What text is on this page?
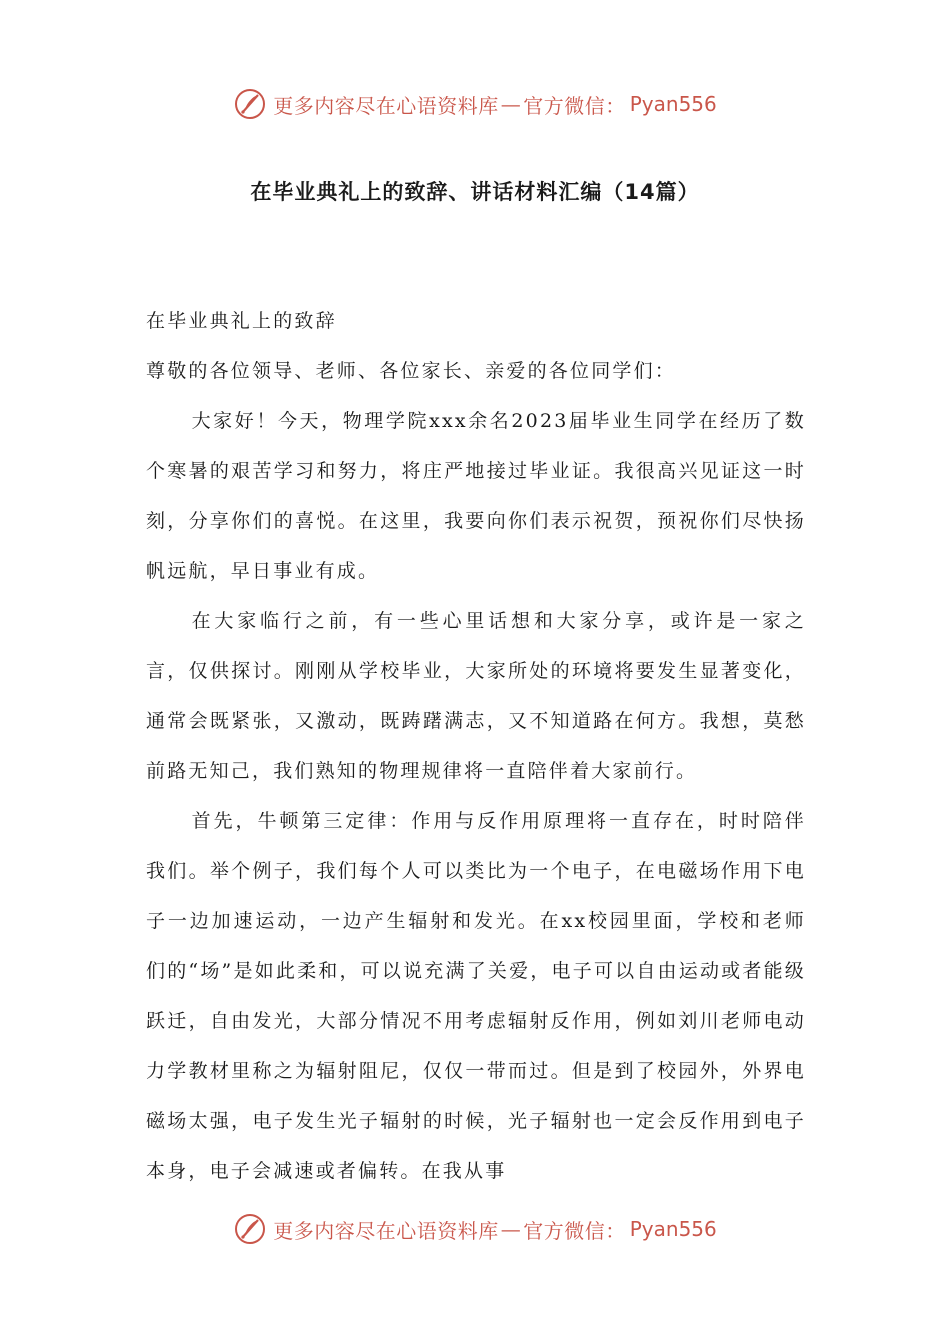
更多内容尽在心语资料库 — 官方微信： Pyan556
在毕业典礼上的致辞、讲话材料汇编（14篇）

在毕业典礼上的致辞

尊敬的各位领导、老师、各位家长、亲爱的各位同学们：

大家好！今天，物理学院xxx余名2023届毕业生同学在经历了数个寒暑的艰苦学习和努力，将庄严地接过毕业证。我很高兴见证这一时刻，分享你们的喜悦。在这里，我要向你们表示祝贺，预祝你们尽快扬帆远航，早日事业有成。

在大家临行之前，有一些心里话想和大家分享，或许是一家之言，仅供探讨。刚刚从学校毕业，大家所处的环境将要发生显著变化，通常会既紧张，又激动，既踌躇满志，又不知道路在何方。我想，莫愁前路无知己，我们熟知的物理规律将一直陪伴着大家前行。

首先，牛顿第三定律：作用与反作用原理将一直存在，时时陪伴我们。举个例子，我们每个人可以类比为一个电子，在电磁场作用下电子一边加速运动，一边产生辐射和发光。在xx校园里面，学校和老师们的“场”是如此柔和，可以说充满了关爱，电子可以自由运动或者能级跃迁，自由发光，大部分情况不用考虑辐射反作用，例如刘川老师电动力学教材里称之为辐射阻尼，仅仅一带而过。但是到了校园外，外界电磁场太强，电子发生光子辐射的时候，光子辐射也一定会反作用到电子本身，电子会减速或者偏转。在我从事

更多内容尽在心语资料库 — 官方微信： Pyan556
